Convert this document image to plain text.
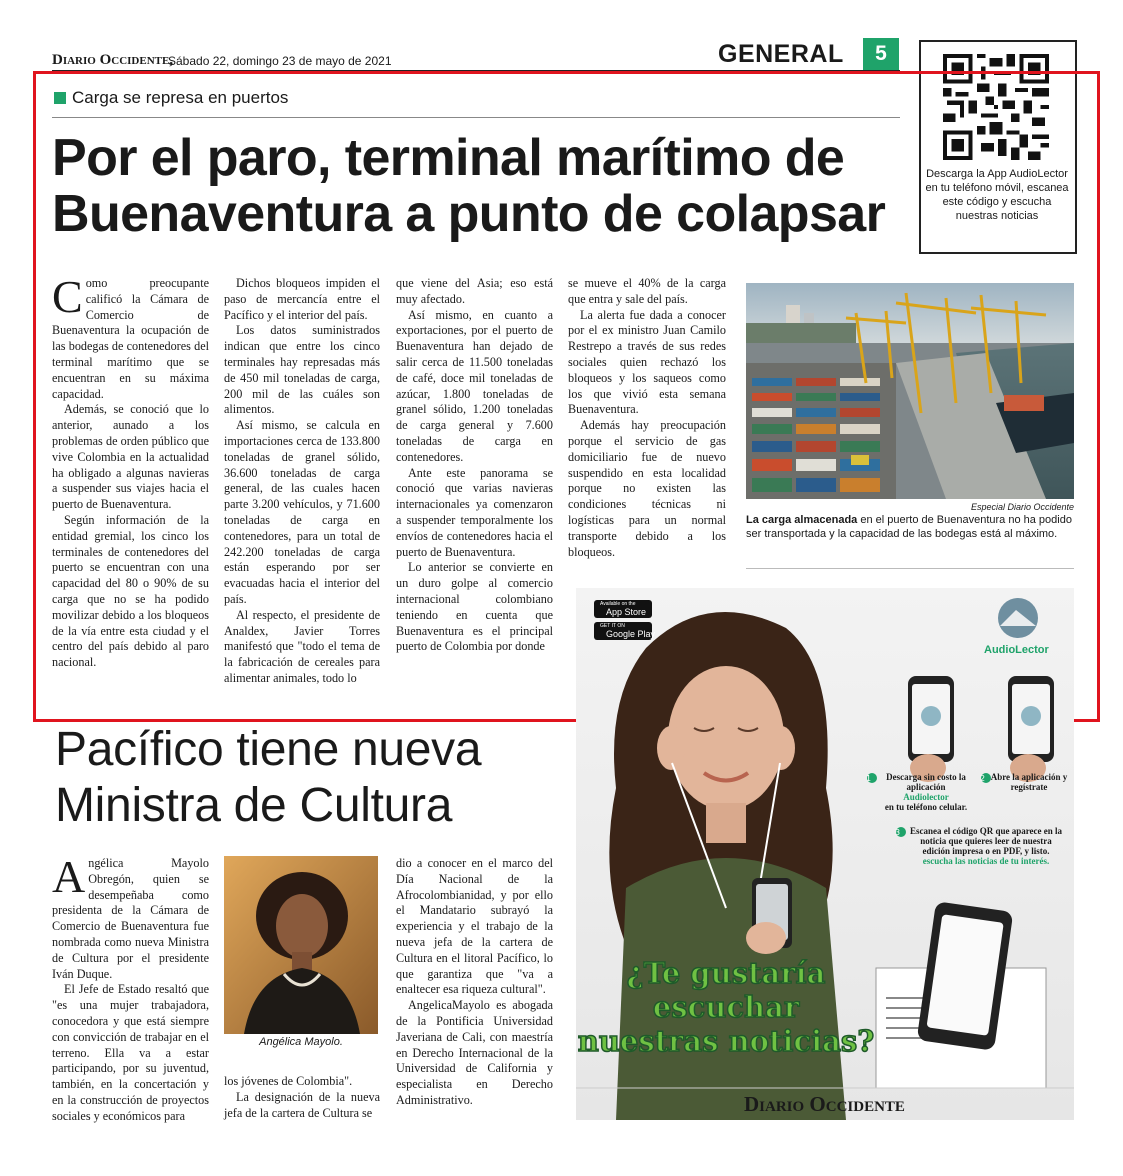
Diario Occidente,
Sábado 22, domingo 23 de mayo de 2021	GENERAL	5
Descarga la App AudioLector en tu teléfono móvil, escanea este código y escucha nuestras noticias
Carga se represa en puertos
Por el paro, terminal marítimo de Buenaventura a punto de colapsar

Como preocupante calificó la Cámara de Comercio de Buenaventura la ocupación de las bodegas de contenedores del terminal marítimo que se encuentran en su máxima capacidad.

Además, se conoció que lo anterior, aunado a los problemas de orden público que vive Colombia en la actualidad ha obligado a algunas navieras a suspender sus viajes hacia el puerto de Buenaventura.

Según información de la entidad gremial, los cinco los terminales de contenedores del puerto se encuentran con una capacidad del 80 o 90% de su carga que no se ha podido movilizar debido a los bloqueos de la vía entre esta ciudad y el centro del país debido al paro nacional.

Dichos bloqueos impiden el paso de mercancía entre el Pacífico y el interior del país.

Los datos suministrados indican que entre los cinco terminales hay represadas más de 450 mil toneladas de carga, 200 mil de las cuáles son alimentos.

Así mismo, se calcula en importaciones cerca de 133.800 toneladas de granel sólido, 36.600 toneladas de carga general, de las cuales hacen parte 3.200 vehículos, y 71.600 toneladas de carga en contenedores, para un total de 242.200 toneladas de carga están esperando por ser evacuadas hacia el interior del país.

Al respecto, el presidente de Analdex, Javier Torres manifestó que "todo el tema de la fabricación de cereales para alimentar animales, todo lo

que viene del Asia; eso está muy afectado.

Así mismo, en cuanto a exportaciones, por el puerto de Buenaventura han dejado de salir cerca de 11.500 toneladas de café, doce mil toneladas de azúcar, 1.800 toneladas de granel sólido, 1.200 toneladas de carga general y 7.600 toneladas de carga en contenedores.

Ante este panorama se conoció que varias navieras internacionales ya comenzaron a suspender temporalmente los envíos de contenedores hacia el puerto de Buenaventura.

Lo anterior se convierte en un duro golpe al comercio internacional colombiano teniendo en cuenta que Buenaventura es el principal puerto de Colombia por donde

se mueve el 40% de la carga que entra y sale del país.

La alerta fue dada a conocer por el ex ministro Juan Camilo Restrepo a través de sus redes sociales quien rechazó los bloqueos y los saqueos como los que vivió esta semana Buenaventura.

Además hay preocupación porque el servicio de gas domiciliario fue de nuevo suspendido en esta localidad porque no existen las condiciones técnicas ni logísticas para un normal transporte debido a los bloqueos.

Especial Diario Occidente
La carga almacenada en el puerto de Buenaventura no ha podido ser transportada y la capacidad de las bodegas está al máximo.
Pacífico tiene nueva Ministra de Cultura

Angélica Mayolo Obregón, quien se desempeñaba como presidenta de la Cámara de Comercio de Buenaventura fue nombrada como nueva Ministra de Cultura por el presidente Iván Duque.

El Jefe de Estado resaltó que "es una mujer trabajadora, conocedora y que está siempre con convicción de trabajar en el terreno. Ella va a estar participando, por su juventud, también, en la concertación y en la construcción de proyectos sociales y económicos para

Angélica Mayolo.

los jóvenes de Colombia".

La designación de la nueva jefa de la cartera de Cultura se

dio a conocer en el marco del Día Nacional de la Afrocolombianidad, y por ello el Mandatario subrayó la experiencia y el trabajo de la nueva jefa de la cartera de Cultura en el litoral Pacífico, lo que garantiza que "va a enaltecer esa riqueza cultural".

AngelicaMayolo es abogada de la Pontificia Universidad Javeriana de Cali, con maestría en Derecho Internacional de la Universidad de California y especialista en Derecho Administrativo.

Available on the
App Store
GET IT ON
Google Play
AudioLector
1	Descarga sin costo la aplicación
Audiolector
en tu teléfono celular.
2 Abre la aplicación y regístrate
3	Escanea el código QR que aparece en la noticia que quieres leer de nuestra edición impresa o en PDF, y listo.
escucha las noticias de tu interés.
¿Te gustaría
escuchar
nuestras noticias?
Diario Occidente
